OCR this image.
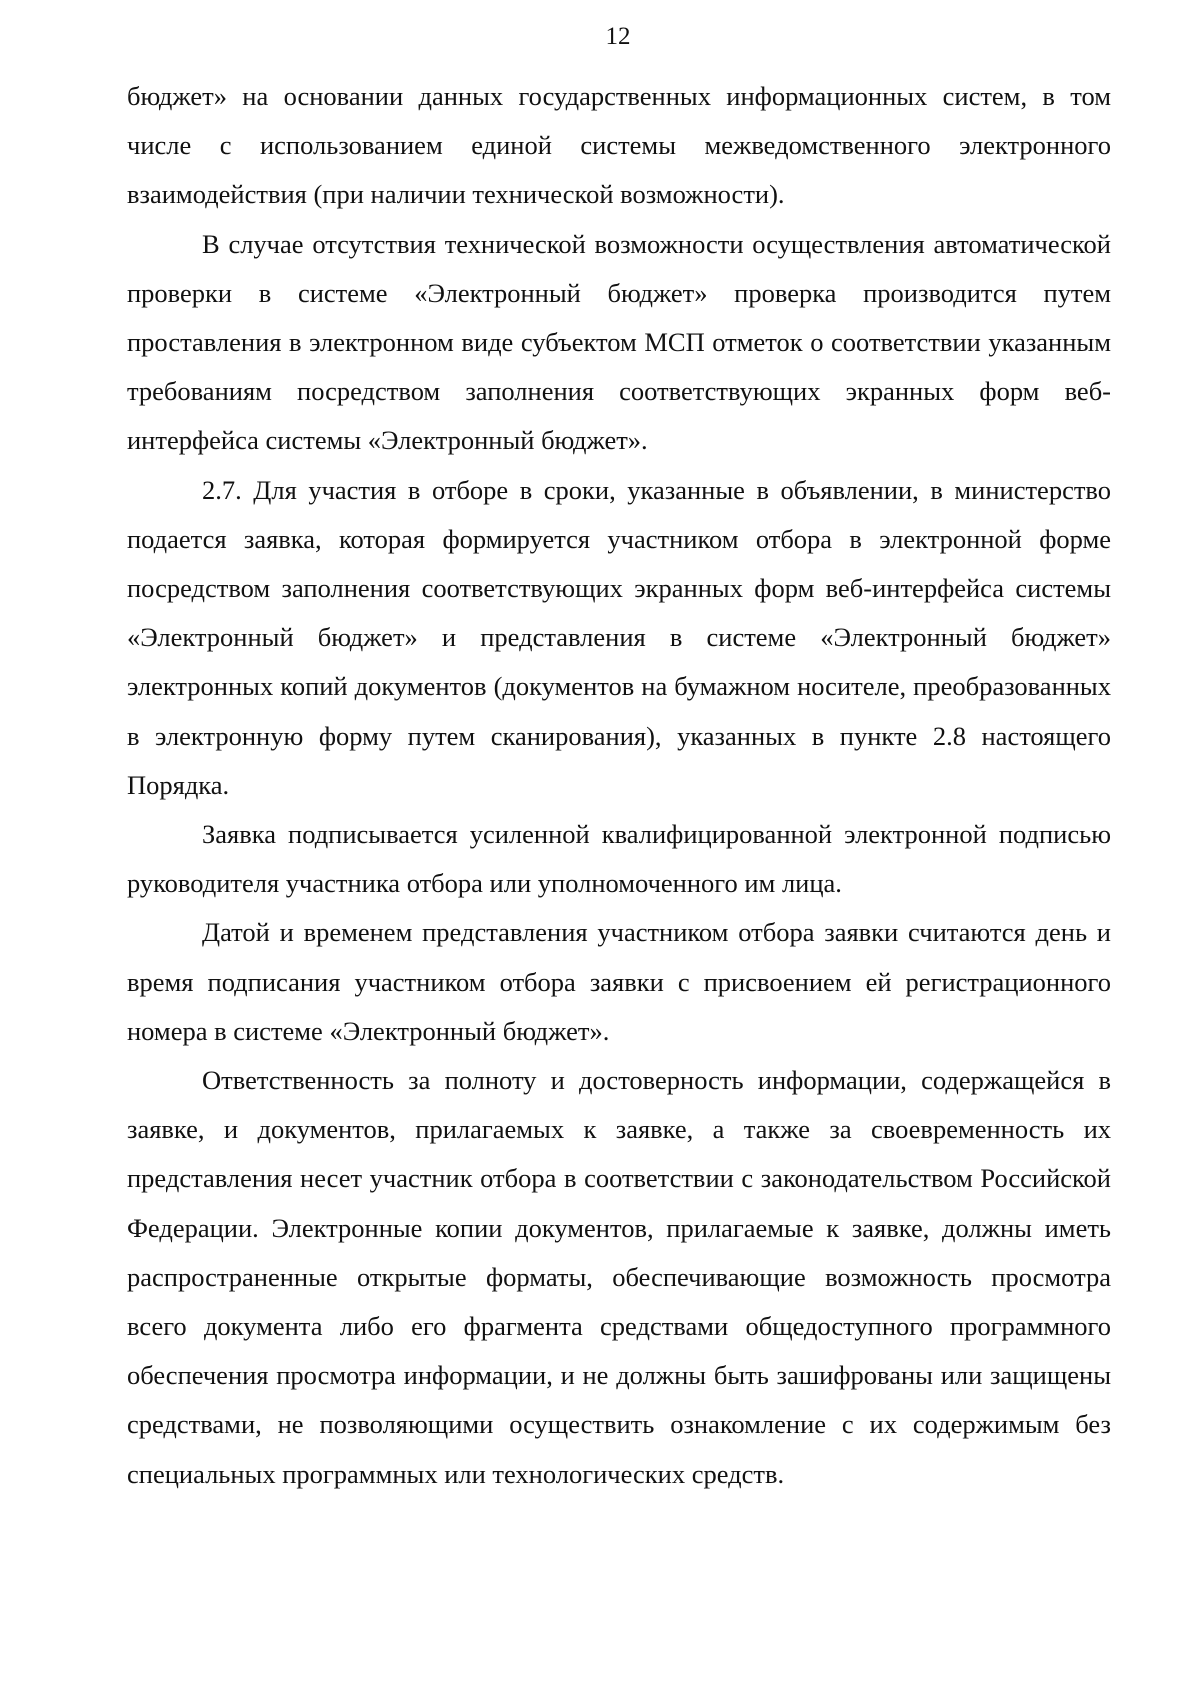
12

бюджет» на основании данных государственных информационных систем, в том числе с использованием единой системы межведомственного электронного взаимодействия (при наличии технической возможности).

В случае отсутствия технической возможности осуществления автоматической проверки в системе «Электронный бюджет» проверка производится путем проставления в электронном виде субъектом МСП отметок о соответствии указанным требованиям посредством заполнения соответствующих экранных форм веб-интерфейса системы «Электронный бюджет».

2.7. Для участия в отборе в сроки, указанные в объявлении, в министерство подается заявка, которая формируется участником отбора в электронной форме посредством заполнения соответствующих экранных форм веб-интерфейса системы «Электронный бюджет» и представления в системе «Электронный бюджет» электронных копий документов (документов на бумажном носителе, преобразованных в электронную форму путем сканирования), указанных в пункте 2.8 настоящего Порядка.

Заявка подписывается усиленной квалифицированной электронной подписью руководителя участника отбора или уполномоченного им лица.

Датой и временем представления участником отбора заявки считаются день и время подписания участником отбора заявки с присвоением ей регистрационного номера в системе «Электронный бюджет».

Ответственность за полноту и достоверность информации, содержащейся в заявке, и документов, прилагаемых к заявке, а также за своевременность их представления несет участник отбора в соответствии с законодательством Российской Федерации. Электронные копии документов, прилагаемые к заявке, должны иметь распространенные открытые форматы, обеспечивающие возможность просмотра всего документа либо его фрагмента средствами общедоступного программного обеспечения просмотра информации, и не должны быть зашифрованы или защищены средствами, не позволяющими осуществить ознакомление с их содержимым без специальных программных или технологических средств.
